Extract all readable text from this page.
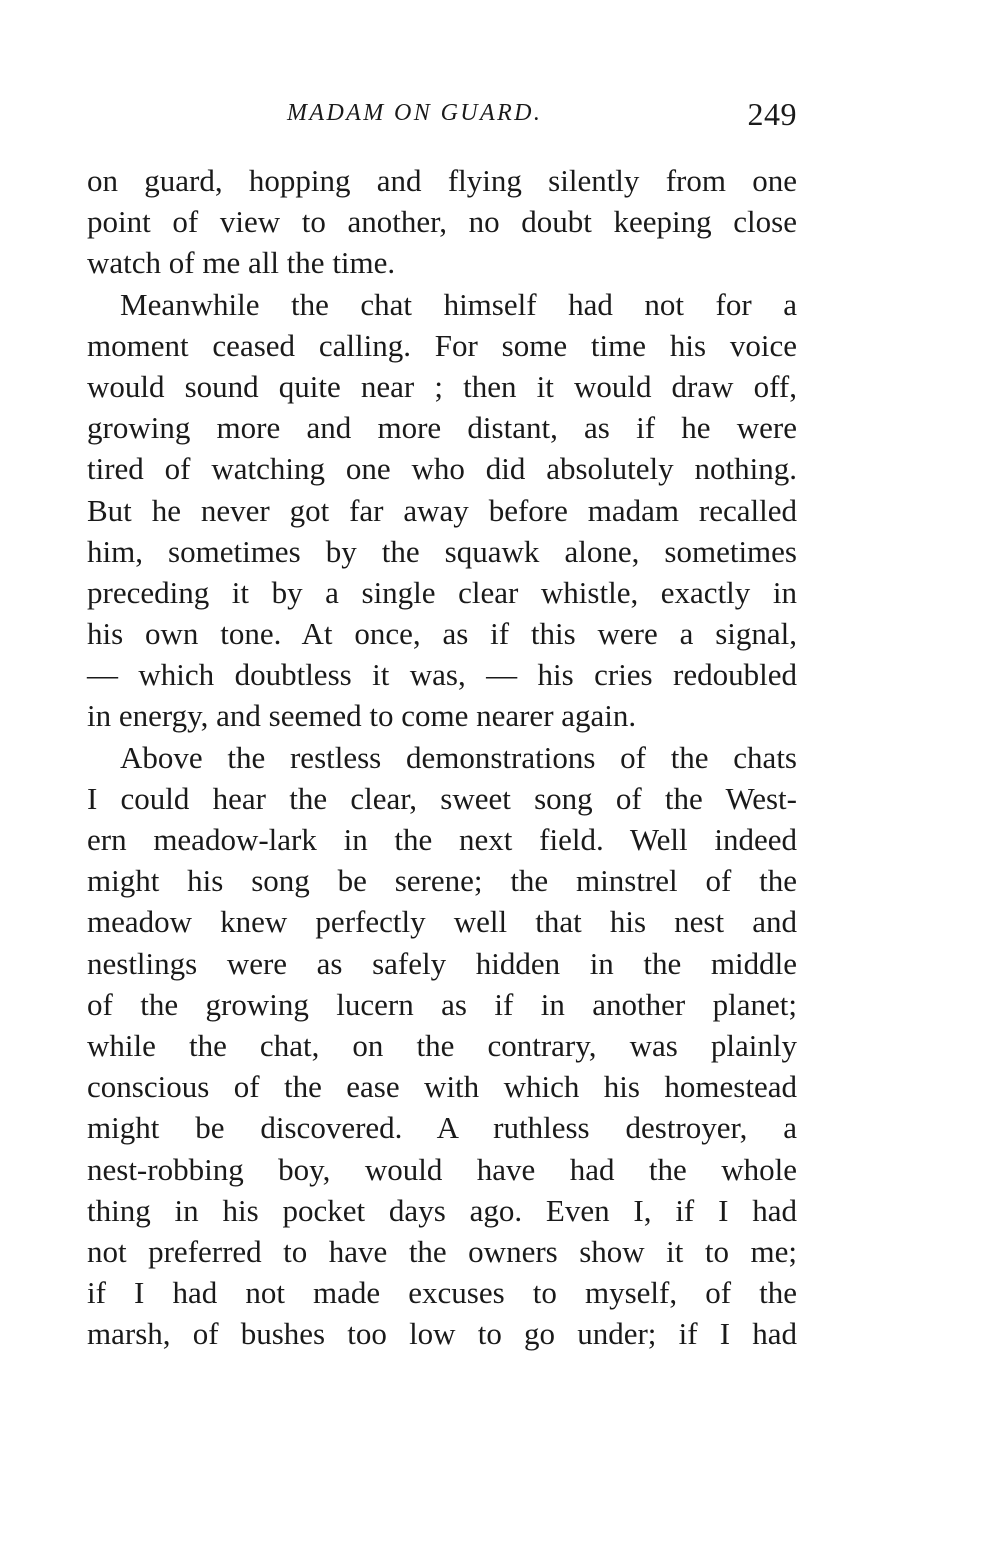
MADAM ON GUARD.	249
on guard, hopping and flying silently from one
point of view to another, no doubt keeping close
watch of me all the time.
Meanwhile the chat himself had not for a
moment ceased calling. For some time his voice
would sound quite near ; then it would draw off,
growing more and more distant, as if he were
tired of watching one who did absolutely nothing.
But he never got far away before madam recalled
him, sometimes by the squawk alone, sometimes
preceding it by a single clear whistle, exactly in
his own tone. At once, as if this were a signal,
— which doubtless it was, — his cries redoubled
in energy, and seemed to come nearer again.
Above the restless demonstrations of the chats
I could hear the clear, sweet song of the West-
ern meadow-lark in the next field. Well indeed
might his song be serene; the minstrel of the
meadow knew perfectly well that his nest and
nestlings were as safely hidden in the middle
of the growing lucern as if in another planet;
while the chat, on the contrary, was plainly
conscious of the ease with which his homestead
might be discovered. A ruthless destroyer, a
nest-robbing boy, would have had the whole
thing in his pocket days ago. Even I, if I had
not preferred to have the owners show it to me;
if I had not made excuses to myself, of the
marsh, of bushes too low to go under; if I had
